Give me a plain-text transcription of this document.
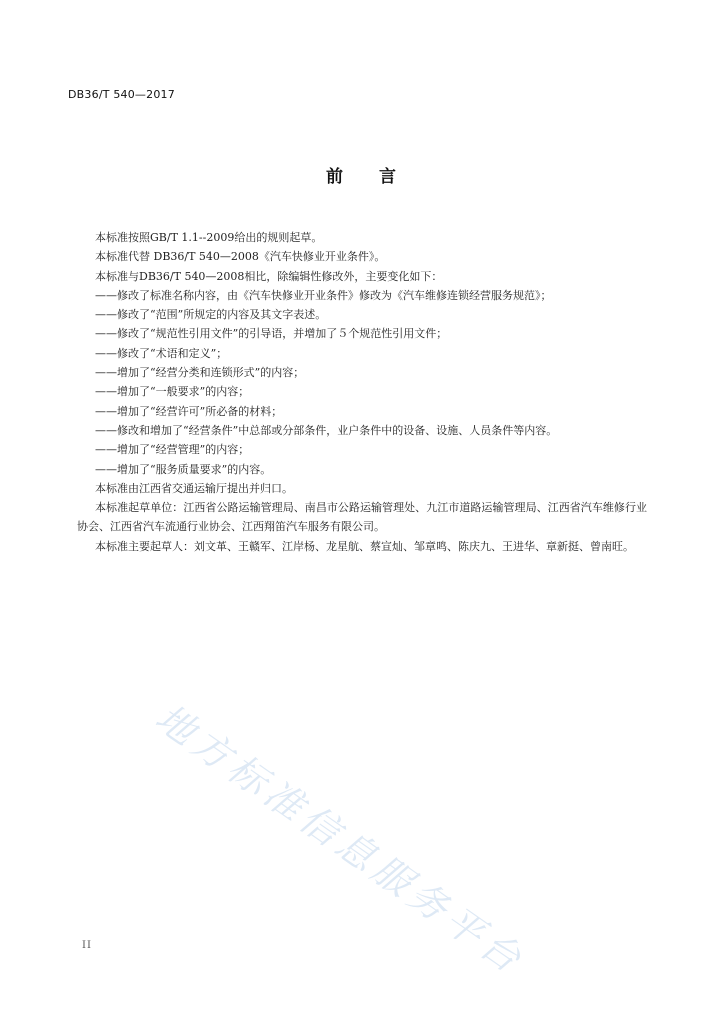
DB36/T 540—2017
前 言

本标准按照GB/T 1.1--2009给出的规则起草。

本标准代替 DB36/T 540—2008《汽车快修业开业条件》。

本标准与DB36/T 540—2008相比，除编辑性修改外，主要变化如下：

——修改了标准名称内容，由《汽车快修业开业条件》修改为《汽车维修连锁经营服务规范》；

——修改了“范围”所规定的内容及其文字表述。

——修改了“规范性引用文件”的引导语，并增加了５个规范性引用文件；

——修改了“术语和定义”；

——增加了“经营分类和连锁形式”的内容；

——增加了“一般要求”的内容；

——增加了“经营许可”所必备的材料；

——修改和增加了“经营条件”中总部或分部条件，业户条件中的设备、设施、人员条件等内容。

——增加了“经营管理”的内容；

——增加了“服务质量要求”的内容。

本标准由江西省交通运输厅提出并归口。

本标准起草单位：江西省公路运输管理局、南昌市公路运输管理处、九江市道路运输管理局、江西省汽车维修行业协会、江西省汽车流通行业协会、江西翔笛汽车服务有限公司。

本标准主要起草人：刘文革、王赣军、江岸杨、龙星航、蔡宣灿、邹章鸣、陈庆九、王进华、章新挺、曾南旺。

地方标准信息服务平台
II
